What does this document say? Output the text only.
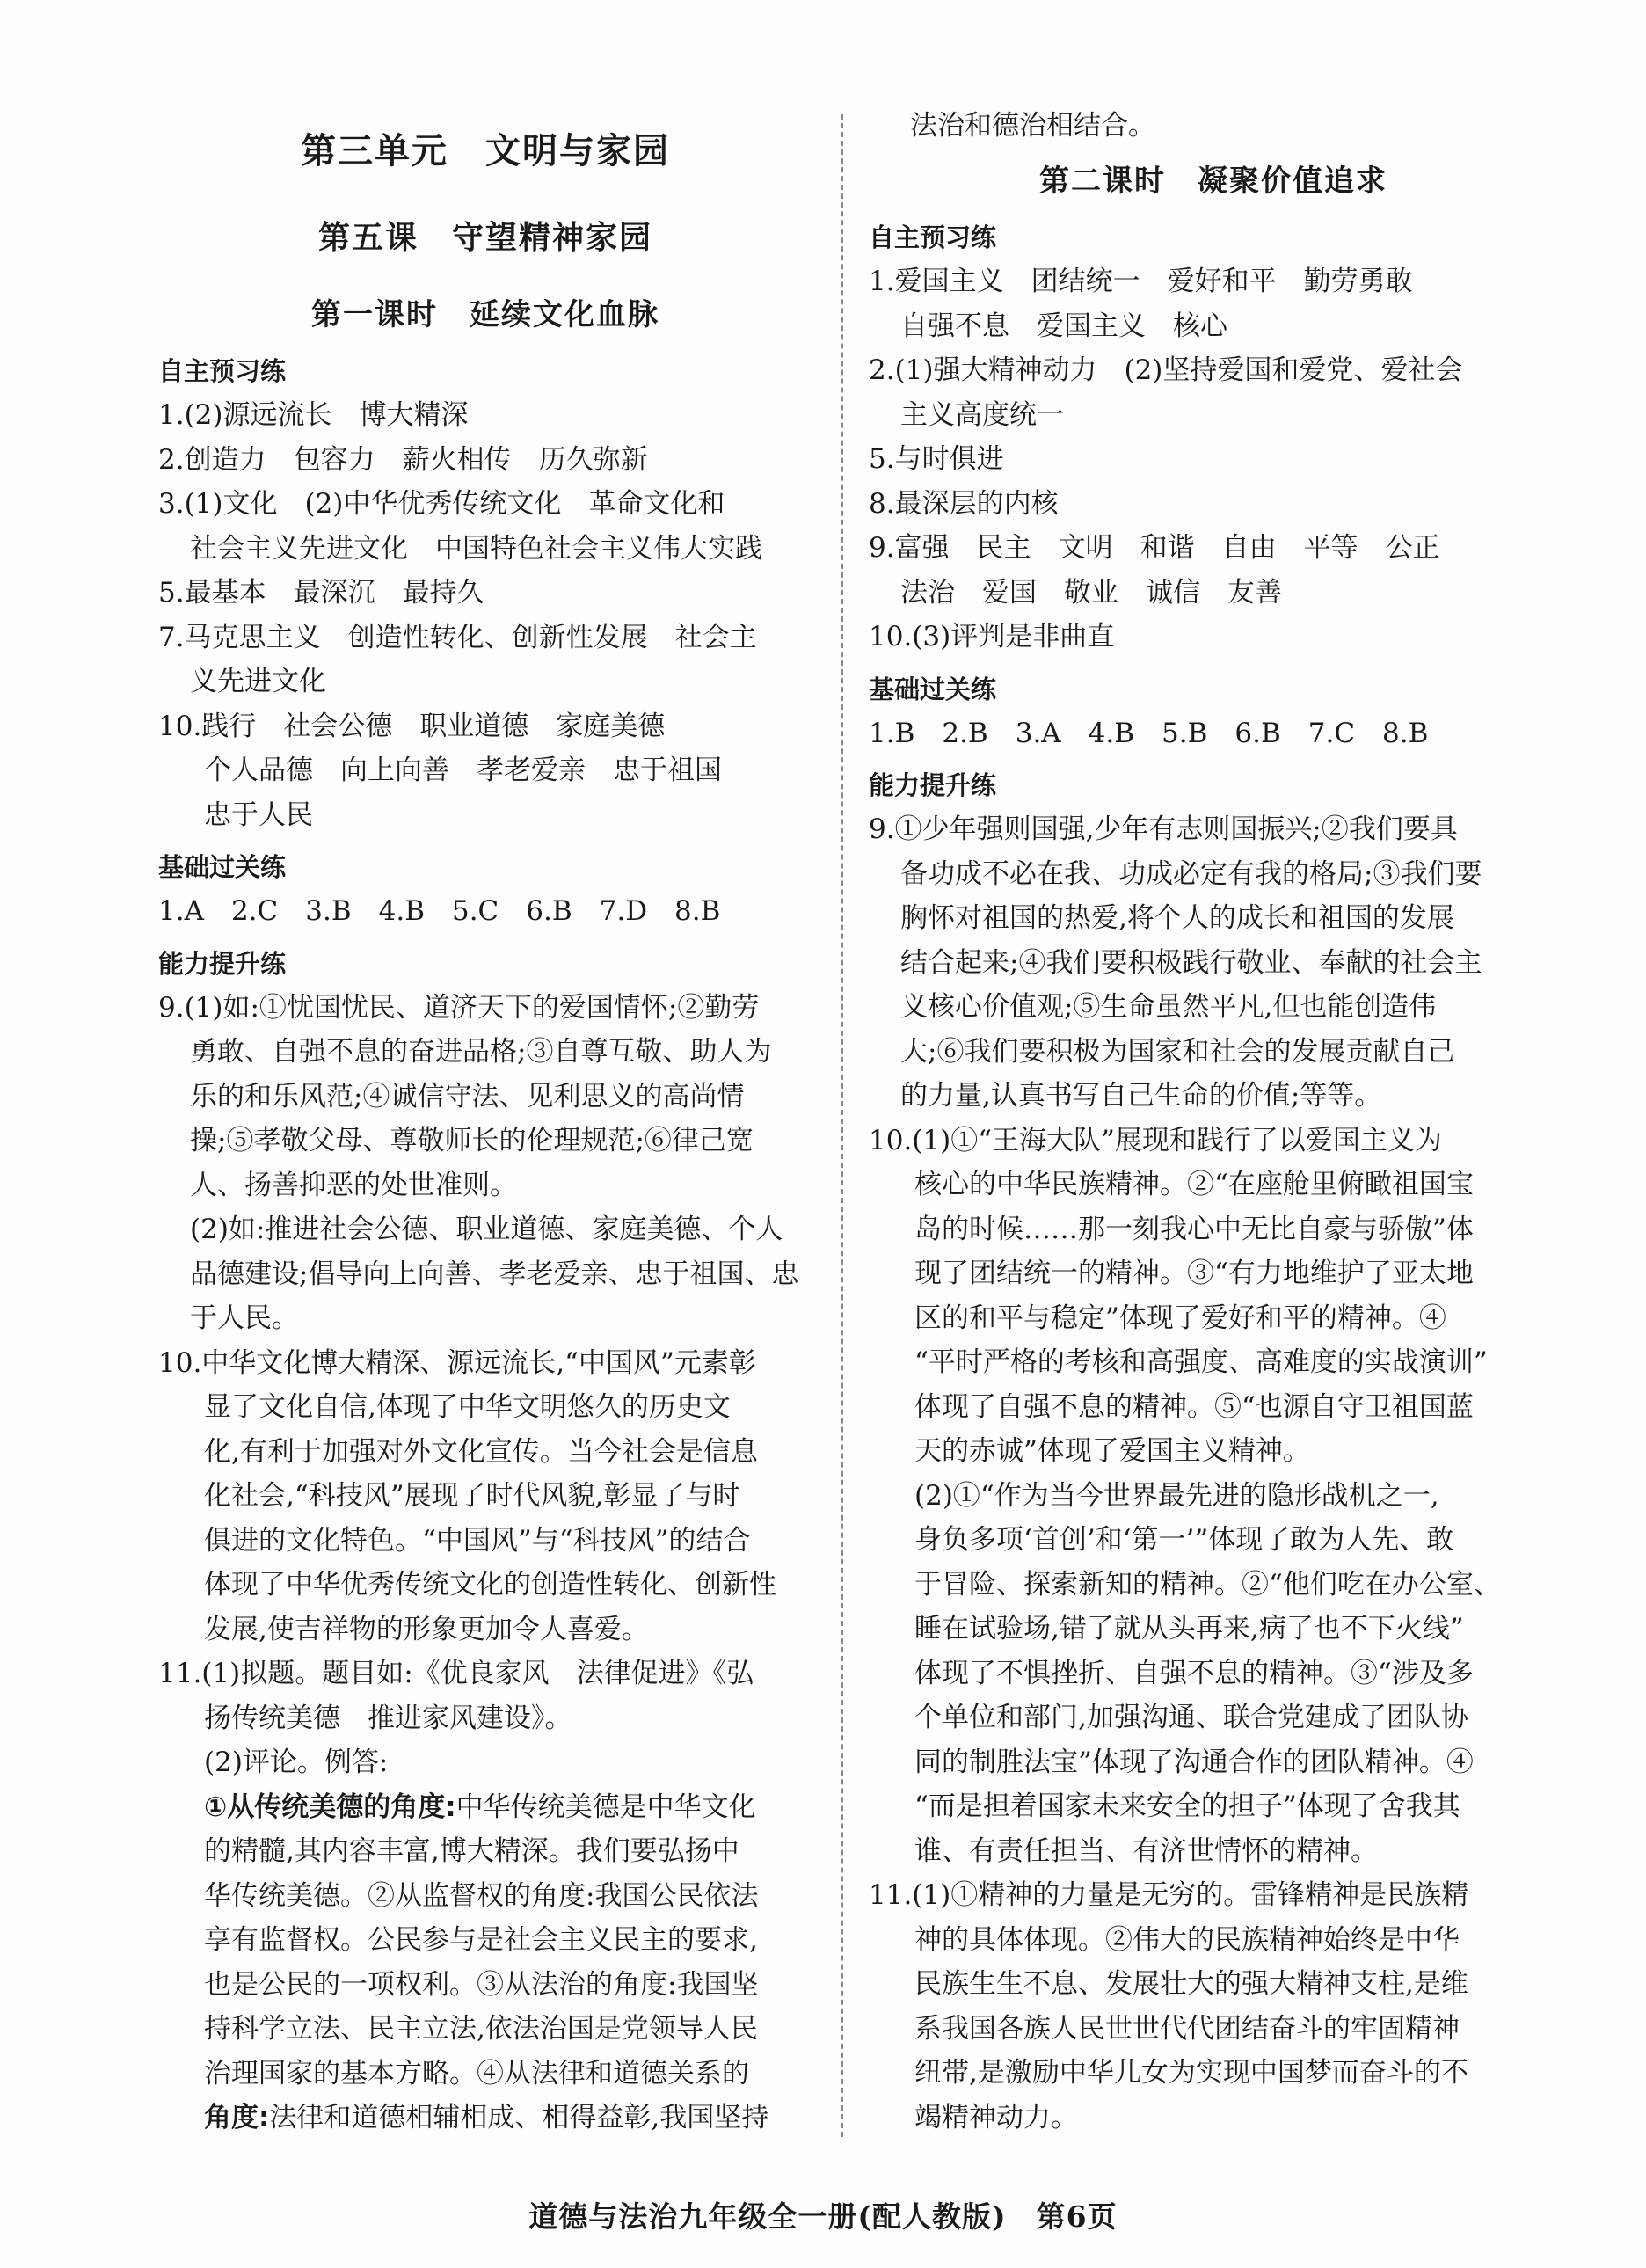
第三单元　文明与家园
第五课　守望精神家园
第一课时　延续文化血脉
自主预习练
1.(2)源远流长　博大精深
2.创造力　包容力　薪火相传　历久弥新
3.(1)文化　(2)中华优秀传统文化　革命文化和
社会主义先进文化　中国特色社会主义伟大实践
5.最基本　最深沉　最持久
7.马克思主义　创造性转化、创新性发展　社会主
义先进文化
10.践行　社会公德　职业道德　家庭美德
个人品德　向上向善　孝老爱亲　忠于祖国
忠于人民
基础过关练
1.A　2.C　3.B　4.B　5.C　6.B　7.D　8.B
能力提升练
9.(1)如:①忧国忧民、道济天下的爱国情怀;②勤劳
勇敢、自强不息的奋进品格;③自尊互敬、助人为
乐的和乐风范;④诚信守法、见利思义的高尚情
操;⑤孝敬父母、尊敬师长的伦理规范;⑥律己宽
人、扬善抑恶的处世准则。
(2)如:推进社会公德、职业道德、家庭美德、个人
品德建设;倡导向上向善、孝老爱亲、忠于祖国、忠
于人民。
10.中华文化博大精深、源远流长,“中国风”元素彰
显了文化自信,体现了中华文明悠久的历史文
化,有利于加强对外文化宣传。当今社会是信息
化社会,“科技风”展现了时代风貌,彰显了与时
俱进的文化特色。“中国风”与“科技风”的结合
体现了中华优秀传统文化的创造性转化、创新性
发展,使吉祥物的形象更加令人喜爱。
11.(1)拟题。题目如:《优良家风　法律促进》《弘
扬传统美德　推进家风建设》。
(2)评论。例答:
①从传统美德的角度:中华传统美德是中华文化
的精髓,其内容丰富,博大精深。我们要弘扬中
华传统美德。②从监督权的角度:我国公民依法
享有监督权。公民参与是社会主义民主的要求,
也是公民的一项权利。③从法治的角度:我国坚
持科学立法、民主立法,依法治国是党领导人民
治理国家的基本方略。④从法律和道德关系的
角度:法律和道德相辅相成、相得益彰,我国坚持
法治和德治相结合。
第二课时　凝聚价值追求
自主预习练
1.爱国主义　团结统一　爱好和平　勤劳勇敢
自强不息　爱国主义　核心
2.(1)强大精神动力　(2)坚持爱国和爱党、爱社会
主义高度统一
5.与时俱进
8.最深层的内核
9.富强　民主　文明　和谐　自由　平等　公正
法治　爱国　敬业　诚信　友善
10.(3)评判是非曲直
基础过关练
1.B　2.B　3.A　4.B　5.B　6.B　7.C　8.B
能力提升练
9.①少年强则国强,少年有志则国振兴;②我们要具
备功成不必在我、功成必定有我的格局;③我们要
胸怀对祖国的热爱,将个人的成长和祖国的发展
结合起来;④我们要积极践行敬业、奉献的社会主
义核心价值观;⑤生命虽然平凡,但也能创造伟
大;⑥我们要积极为国家和社会的发展贡献自己
的力量,认真书写自己生命的价值;等等。
10.(1)①“王海大队”展现和践行了以爱国主义为
核心的中华民族精神。②“在座舱里俯瞰祖国宝
岛的时候……那一刻我心中无比自豪与骄傲”体
现了团结统一的精神。③“有力地维护了亚太地
区的和平与稳定”体现了爱好和平的精神。④
“平时严格的考核和高强度、高难度的实战演训”
体现了自强不息的精神。⑤“也源自守卫祖国蓝
天的赤诚”体现了爱国主义精神。
(2)①“作为当今世界最先进的隐形战机之一,
身负多项‘首创’和‘第一’”体现了敢为人先、敢
于冒险、探索新知的精神。②“他们吃在办公室、
睡在试验场,错了就从头再来,病了也不下火线”
体现了不惧挫折、自强不息的精神。③“涉及多
个单位和部门,加强沟通、联合党建成了团队协
同的制胜法宝”体现了沟通合作的团队精神。④
“而是担着国家未来安全的担子”体现了舍我其
谁、有责任担当、有济世情怀的精神。
11.(1)①精神的力量是无穷的。雷锋精神是民族精
神的具体体现。②伟大的民族精神始终是中华
民族生生不息、发展壮大的强大精神支柱,是维
系我国各族人民世世代代团结奋斗的牢固精神
纽带,是激励中华儿女为实现中国梦而奋斗的不
竭精神动力。
道德与法治九年级全一册(配人教版)　第6页
